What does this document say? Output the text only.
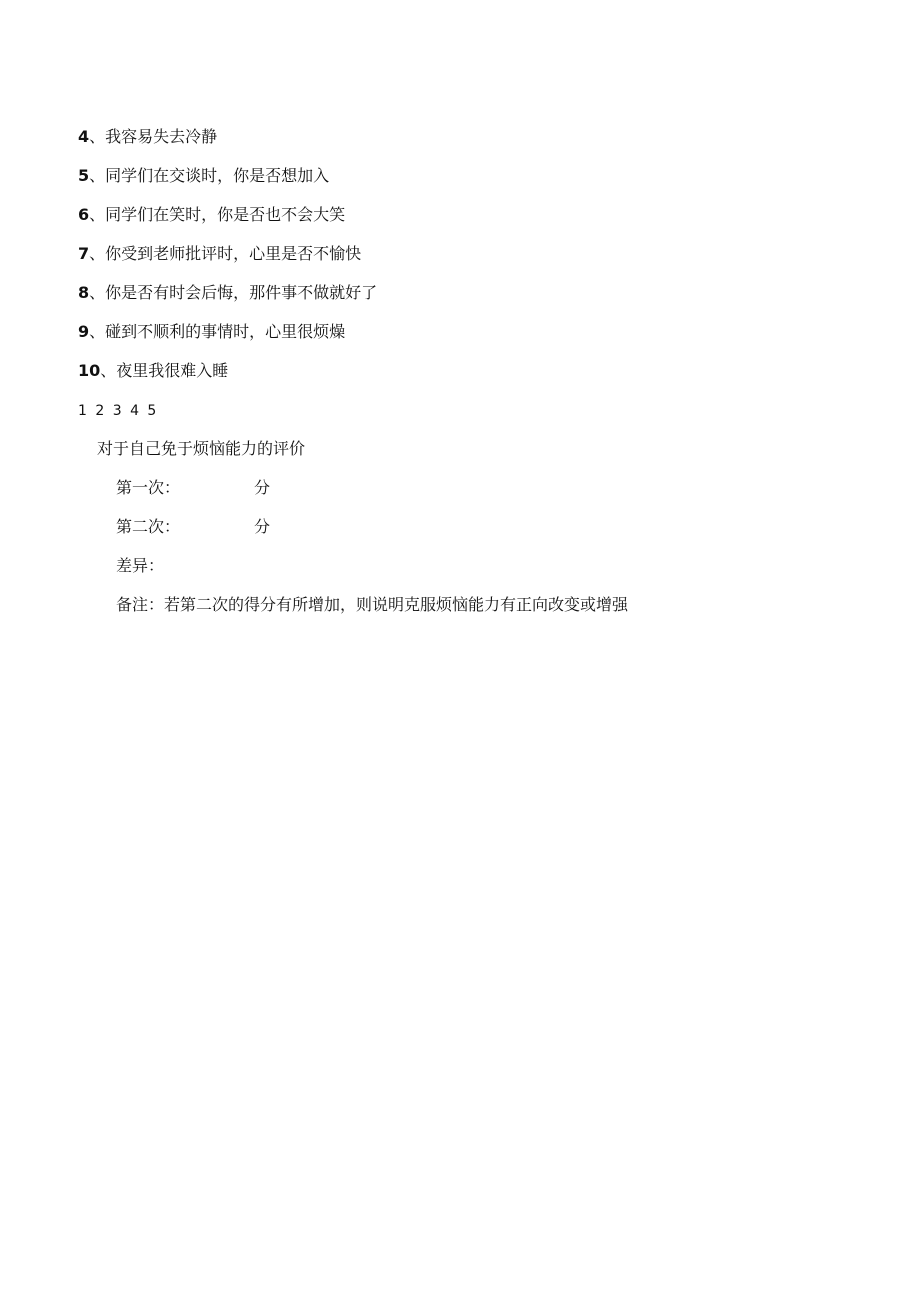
4、我容易失去冷静
5、同学们在交谈时，你是否想加入
6、同学们在笑时，你是否也不会大笑
7、你受到老师批评时，心里是否不愉快
8、你是否有时会后悔，那件事不做就好了
9、碰到不顺利的事情时，心里很烦燥
10、夜里我很难入睡
1 2 3 4 5
对于自己免于烦恼能力的评价
第一次：	分
第二次：	分
差异：
备注：若第二次的得分有所增加，则说明克服烦恼能力有正向改变或增强
